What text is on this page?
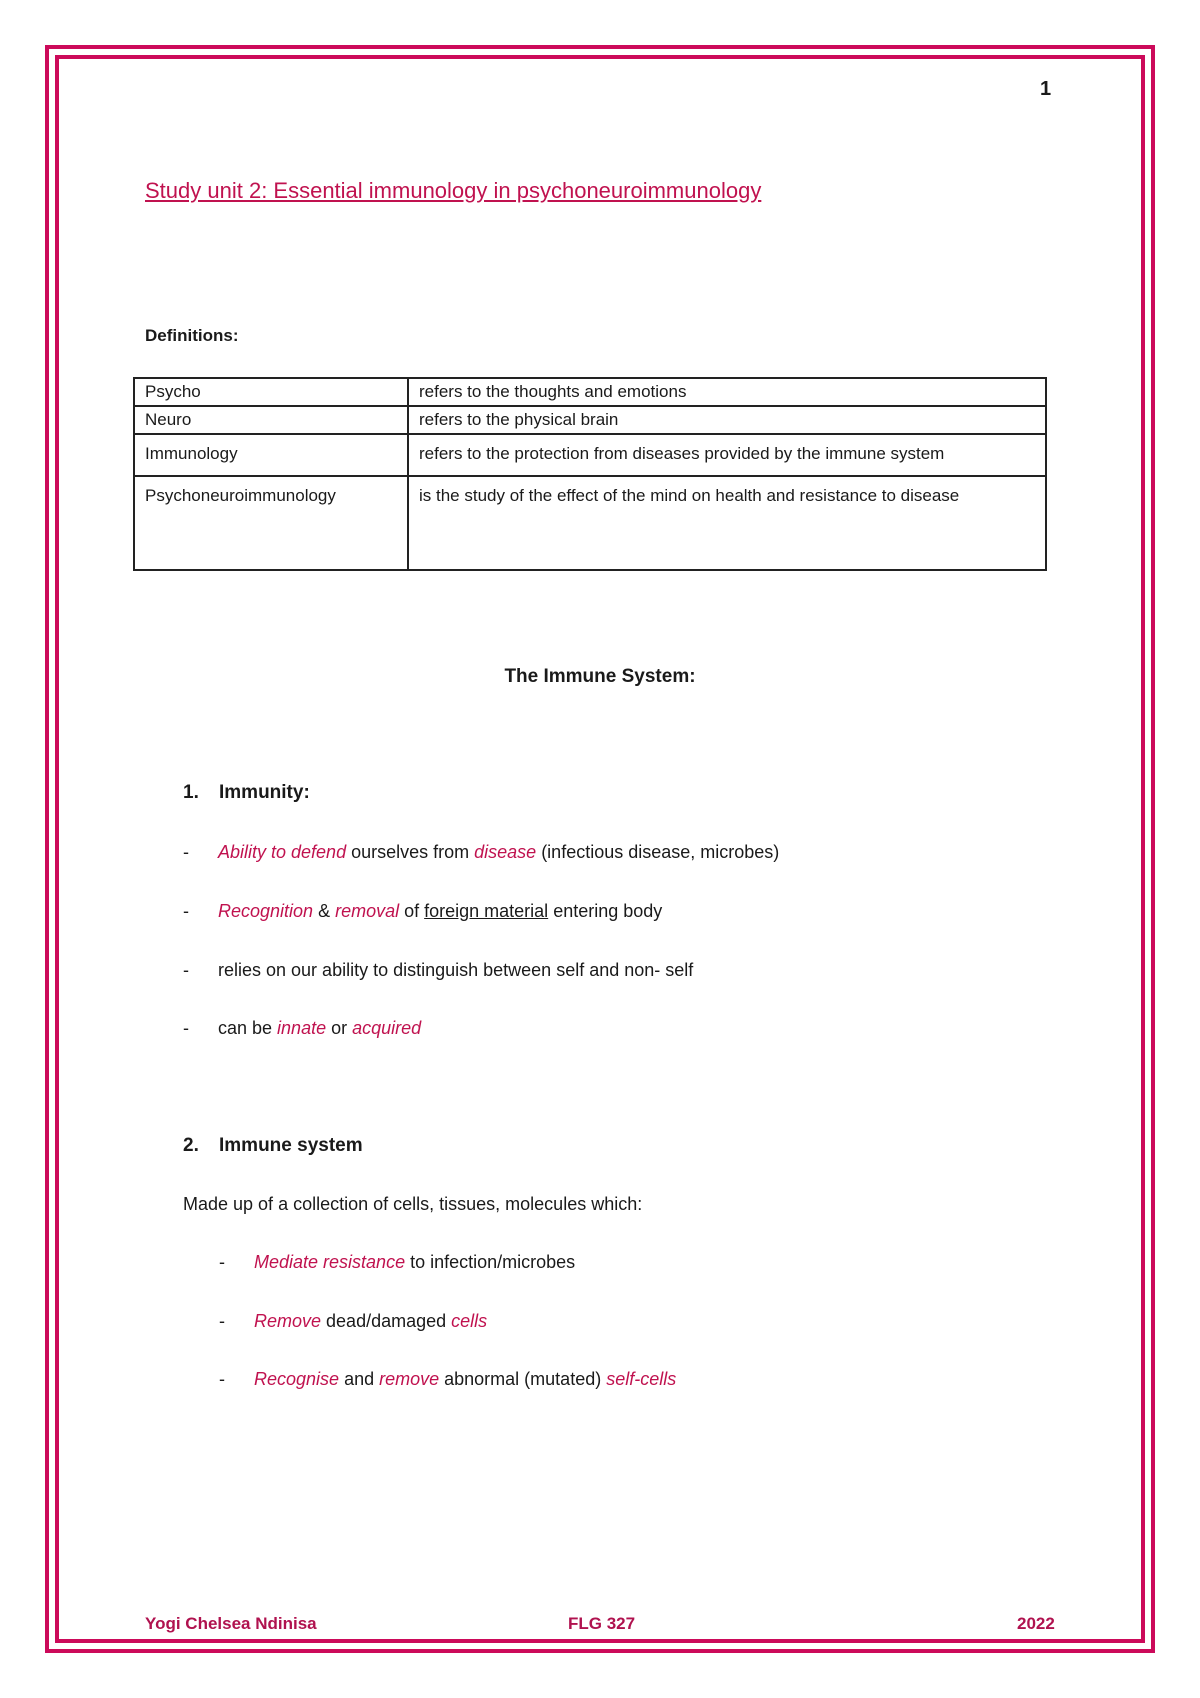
1
Study unit 2: Essential immunology in psychoneuroimmunology
Definitions:
Psycho	refers to the thoughts and emotions
Neuro	refers to the physical brain
Immunology	refers to the protection from diseases provided by the immune system
Psychoneuroimmunology	is the study of the effect of the mind on health and resistance to disease
The Immune System:
1. Immunity:
- Ability to defend ourselves from disease (infectious disease, microbes)
- Recognition & removal of foreign material entering body
- relies on our ability to distinguish between self and non- self
- can be innate or acquired
2. Immune system
Made up of a collection of cells, tissues, molecules which:
- Mediate resistance to infection/microbes
- Remove dead/damaged cells
- Recognise and remove abnormal (mutated) self-cells
Yogi Chelsea Ndinisa	FLG 327	2022
